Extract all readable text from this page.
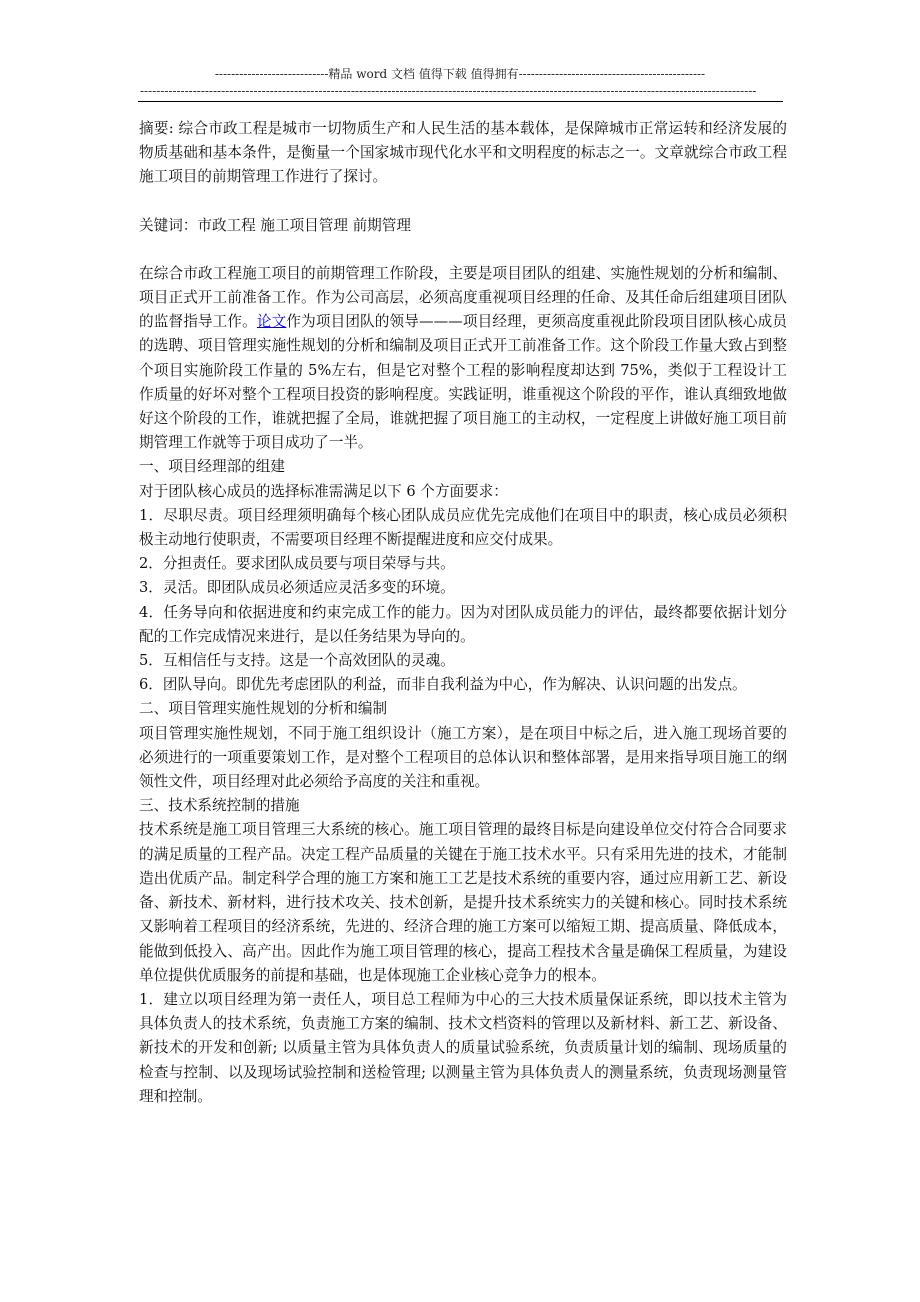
----------------------------精品 word 文档 值得下载 值得拥有----------------------------------------------
--------------------------------------------------------------------------------------------------------------------------------------------------------

摘要: 综合市政工程是城市一切物质生产和人民生活的基本载体，是保障城市正常运转和经济发展的物质基础和基本条件，是衡量一个国家城市现代化水平和文明程度的标志之一。文章就综合市政工程施工项目的前期管理工作进行了探讨。

关键词：市政工程 施工项目管理 前期管理

在综合市政工程施工项目的前期管理工作阶段，主要是项目团队的组建、实施性规划的分析和编制、项目正式开工前准备工作。作为公司高层，必须高度重视项目经理的任命、及其任命后组建项目团队的监督指导工作。论文作为项目团队的领导———项目经理，更须高度重视此阶段项目团队核心成员的选聘、项目管理实施性规划的分析和编制及项目正式开工前准备工作。这个阶段工作量大致占到整个项目实施阶段工作量的 5%左右，但是它对整个工程的影响程度却达到 75%，类似于工程设计工作质量的好坏对整个工程项目投资的影响程度。实践证明，谁重视这个阶段的平作，谁认真细致地做好这个阶段的工作，谁就把握了全局，谁就把握了项目施工的主动权，一定程度上讲做好施工项目前期管理工作就等于项目成功了一半。

一、项目经理部的组建

对于团队核心成员的选择标准需满足以下 6 个方面要求：

1．尽职尽责。项目经理须明确每个核心团队成员应优先完成他们在项目中的职责，核心成员必须积极主动地行使职责，不需要项目经理不断提醒进度和应交付成果。

2．分担责任。要求团队成员要与项目荣辱与共。

3．灵活。即团队成员必须适应灵活多变的环境。

4．任务导向和依据进度和约束完成工作的能力。因为对团队成员能力的评估，最终都要依据计划分配的工作完成情况来进行，是以任务结果为导向的。

5．互相信任与支持。这是一个高效团队的灵魂。

6．团队导向。即优先考虑团队的利益，而非自我利益为中心，作为解决、认识问题的出发点。

二、项目管理实施性规划的分析和编制

项目管理实施性规划，不同于施工组织设计（施工方案），是在项目中标之后，进入施工现场首要的必须进行的一项重要策划工作，是对整个工程项目的总体认识和整体部署，是用来指导项目施工的纲领性文件，项目经理对此必须给予高度的关注和重视。

三、技术系统控制的措施

技术系统是施工项目管理三大系统的核心。施工项目管理的最终目标是向建设单位交付符合合同要求的满足质量的工程产品。决定工程产品质量的关键在于施工技术水平。只有采用先进的技术，才能制造出优质产品。制定科学合理的施工方案和施工工艺是技术系统的重要内容，通过应用新工艺、新设备、新技术、新材料，进行技术攻关、技术创新，是提升技术系统实力的关键和核心。同时技术系统又影响着工程项目的经济系统，先进的、经济合理的施工方案可以缩短工期、提高质量、降低成本，能做到低投入、高产出。因此作为施工项目管理的核心，提高工程技术含量是确保工程质量，为建设单位提供优质服务的前提和基础，也是体现施工企业核心竞争力的根本。

1．建立以项目经理为第一责任人，项目总工程师为中心的三大技术质量保证系统，即以技术主管为具体负责人的技术系统，负责施工方案的编制、技术文档资料的管理以及新材料、新工艺、新设备、新技术的开发和创新; 以质量主管为具体负责人的质量试验系统，负责质量计划的编制、现场质量的检查与控制、以及现场试验控制和送检管理; 以测量主管为具体负责人的测量系统，负责现场测量管理和控制。
